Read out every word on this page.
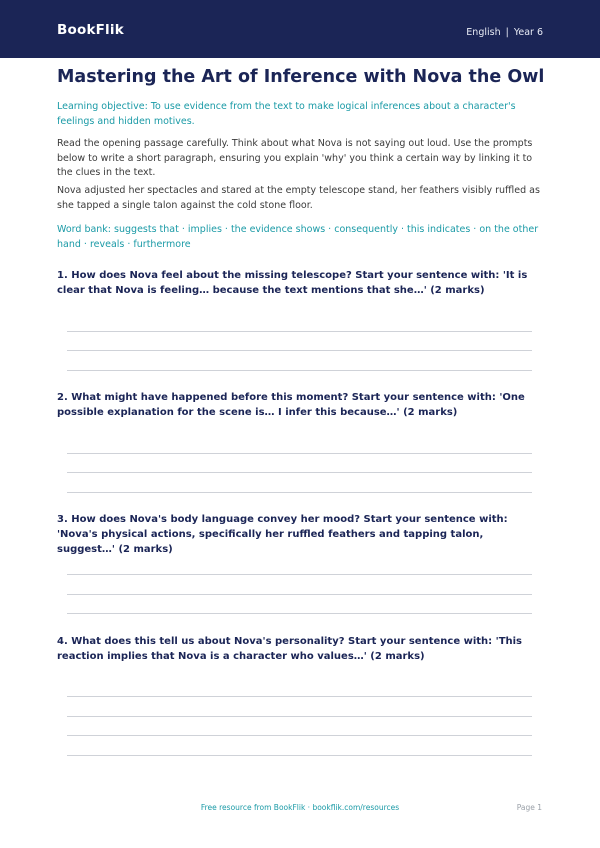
BookFlik	English | Year 6
Mastering the Art of Inference with Nova the Owl

Learning objective: To use evidence from the text to make logical inferences about a character's feelings and hidden motives.

Read the opening passage carefully. Think about what Nova is not saying out loud. Use the prompts below to write a short paragraph, ensuring you explain 'why' you think a certain way by linking it to the clues in the text.

Nova adjusted her spectacles and stared at the empty telescope stand, her feathers visibly ruffled as she tapped a single talon against the cold stone floor.

Word bank: suggests that · implies · the evidence shows · consequently · this indicates · on the other hand · reveals · furthermore

1. How does Nova feel about the missing telescope? Start your sentence with: 'It is clear that Nova is feeling… because the text mentions that she…' (2 marks)
2. What might have happened before this moment? Start your sentence with: 'One possible explanation for the scene is… I infer this because…' (2 marks)
3. How does Nova's body language convey her mood? Start your sentence with: 'Nova's physical actions, specifically her ruffled feathers and tapping talon, suggest…' (2 marks)
4. What does this tell us about Nova's personality? Start your sentence with: 'This reaction implies that Nova is a character who values…' (2 marks)
Free resource from BookFlik · bookflik.com/resources	Page 1
